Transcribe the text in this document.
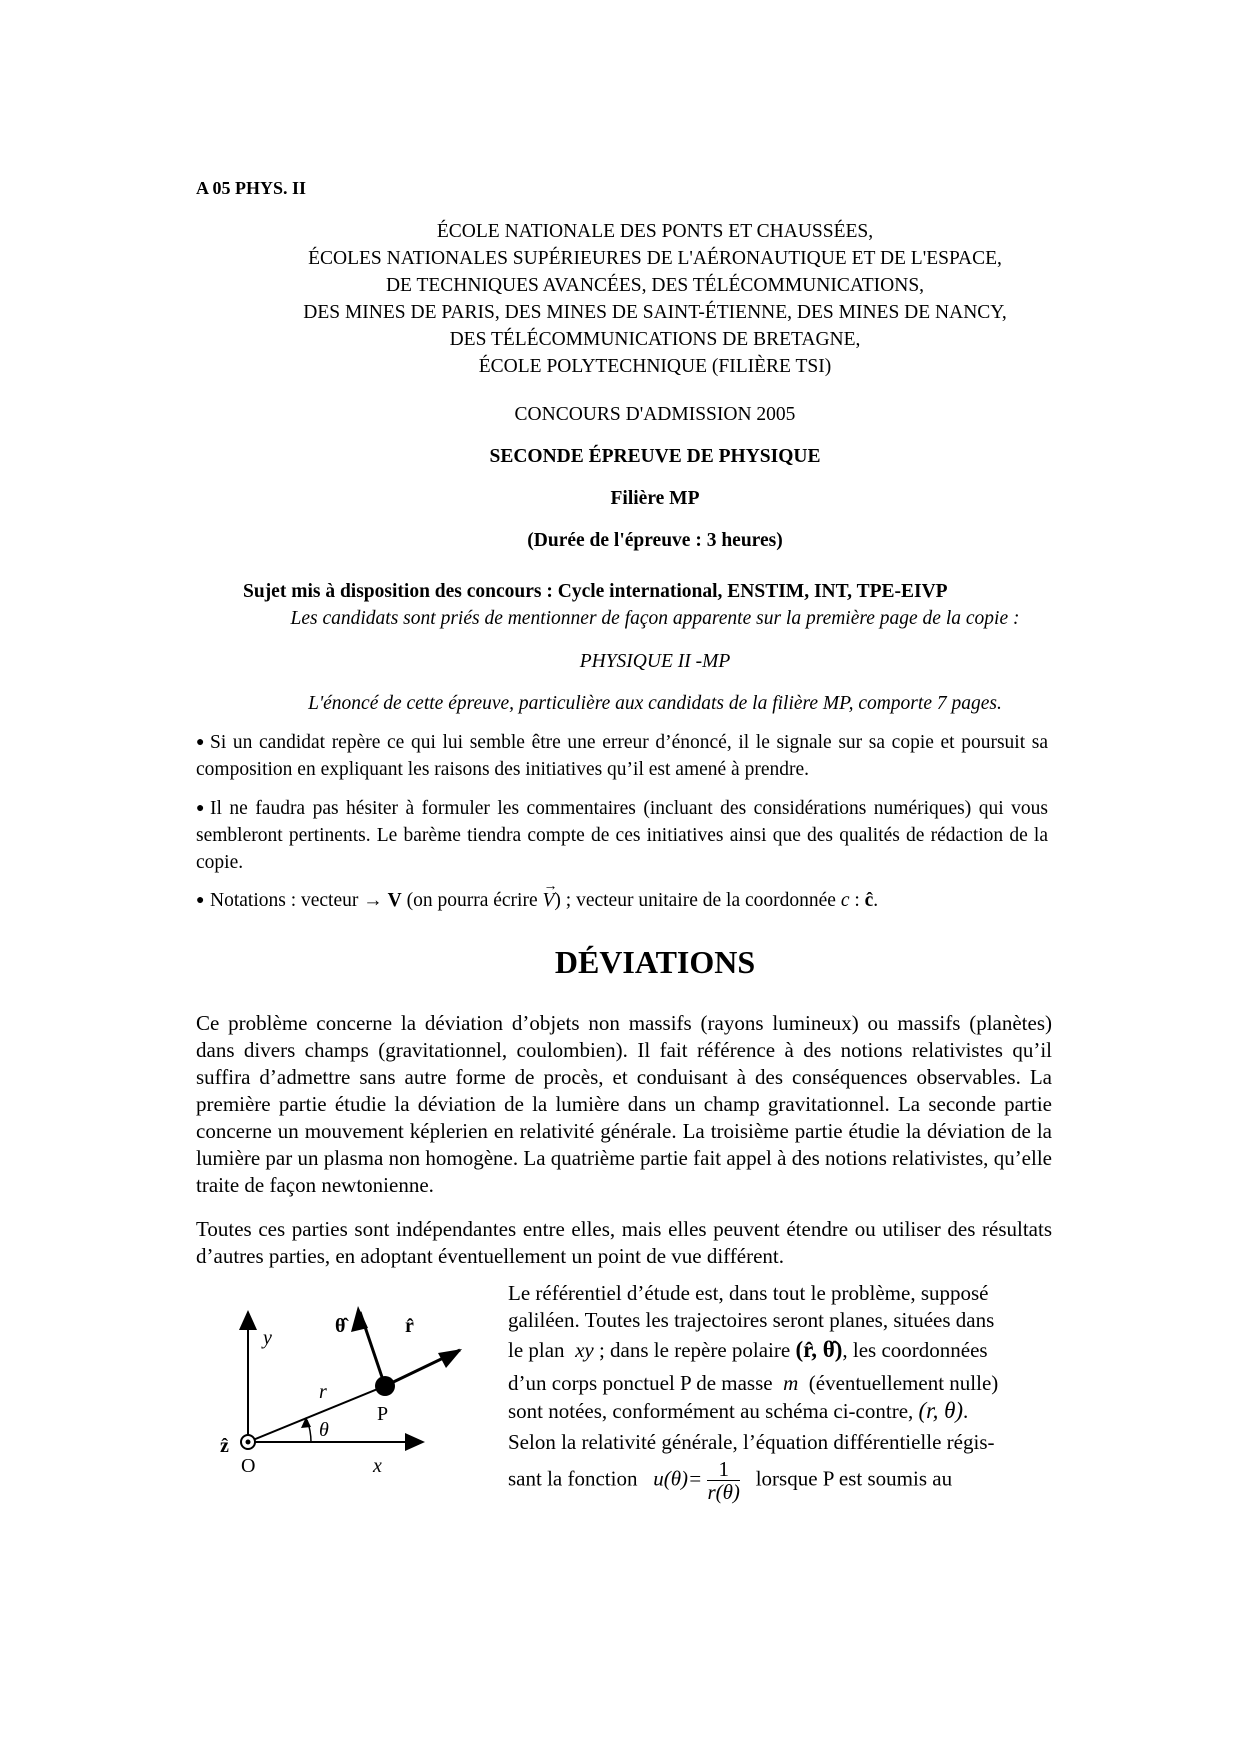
A 05 PHYS. II
ÉCOLE NATIONALE DES PONTS ET CHAUSSÉES,
ÉCOLES NATIONALES SUPÉRIEURES DE L'AÉRONAUTIQUE ET DE L'ESPACE,
DE TECHNIQUES AVANCÉES, DES TÉLÉCOMMUNICATIONS,
DES MINES DE PARIS, DES MINES DE SAINT-ÉTIENNE, DES MINES DE NANCY,
DES TÉLÉCOMMUNICATIONS DE BRETAGNE,
ÉCOLE POLYTECHNIQUE (FILIÈRE TSI)
CONCOURS D'ADMISSION 2005
SECONDE ÉPREUVE DE PHYSIQUE
Filière MP
(Durée de l'épreuve : 3 heures)
Sujet mis à disposition des concours : Cycle international, ENSTIM, INT, TPE-EIVP
Les candidats sont priés de mentionner de façon apparente sur la première page de la copie :
PHYSIQUE II -MP
L'énoncé de cette épreuve, particulière aux candidats de la filière MP, comporte 7 pages.
● Si un candidat repère ce qui lui semble être une erreur d’énoncé, il le signale sur sa copie et poursuit sa composition en expliquant les raisons des initiatives qu’il est amené à prendre.
● Il ne faudra pas hésiter à formuler les commentaires (incluant des considérations numériques) qui vous sembleront pertinents. Le barème tiendra compte de ces initiatives ainsi que des qualités de rédaction de la copie.
● Notations : vecteur → V (on pourra écrire
→
V) ; vecteur unitaire de la coordonnée c : ĉ.
DÉVIATIONS
Ce problème concerne la déviation d’objets non massifs (rayons lumineux) ou massifs (planètes) dans divers champs (gravitationnel, coulombien). Il fait référence à des notions relativistes qu’il suffira d’admettre sans autre forme de procès, et conduisant à des conséquences observables. La première partie étudie la déviation de la lumière dans un champ gravitationnel. La seconde partie concerne un mouvement képlerien en relativité générale. La troisième partie étudie la déviation de la lumière par un plasma non homogène. La quatrième partie fait appel à des notions relativistes, qu’elle traite de façon newtonienne.
Toutes ces parties sont indépendantes entre elles, mais elles peuvent étendre ou utiliser des résultats d’autres parties, en adoptant éventuellement un point de vue différent.
Le référentiel d’étude est, dans tout le problème, supposé
galiléen. Toutes les trajectoires seront planes, situées dans
le plan xy ; dans le repère polaire (r̂, θ̂), les coordonnées
d’un corps ponctuel P de masse m (éventuellement nulle)
sont notées, conformément au schéma ci-contre, (r, θ).
Selon la relativité générale, l’équation différentielle régis-
sant la fonction $u(\theta)= \frac{1}{r(\theta)}$ lorsque P est soumis au
y
x
r
θ
P
O
ẑ
r̂
θ̂
